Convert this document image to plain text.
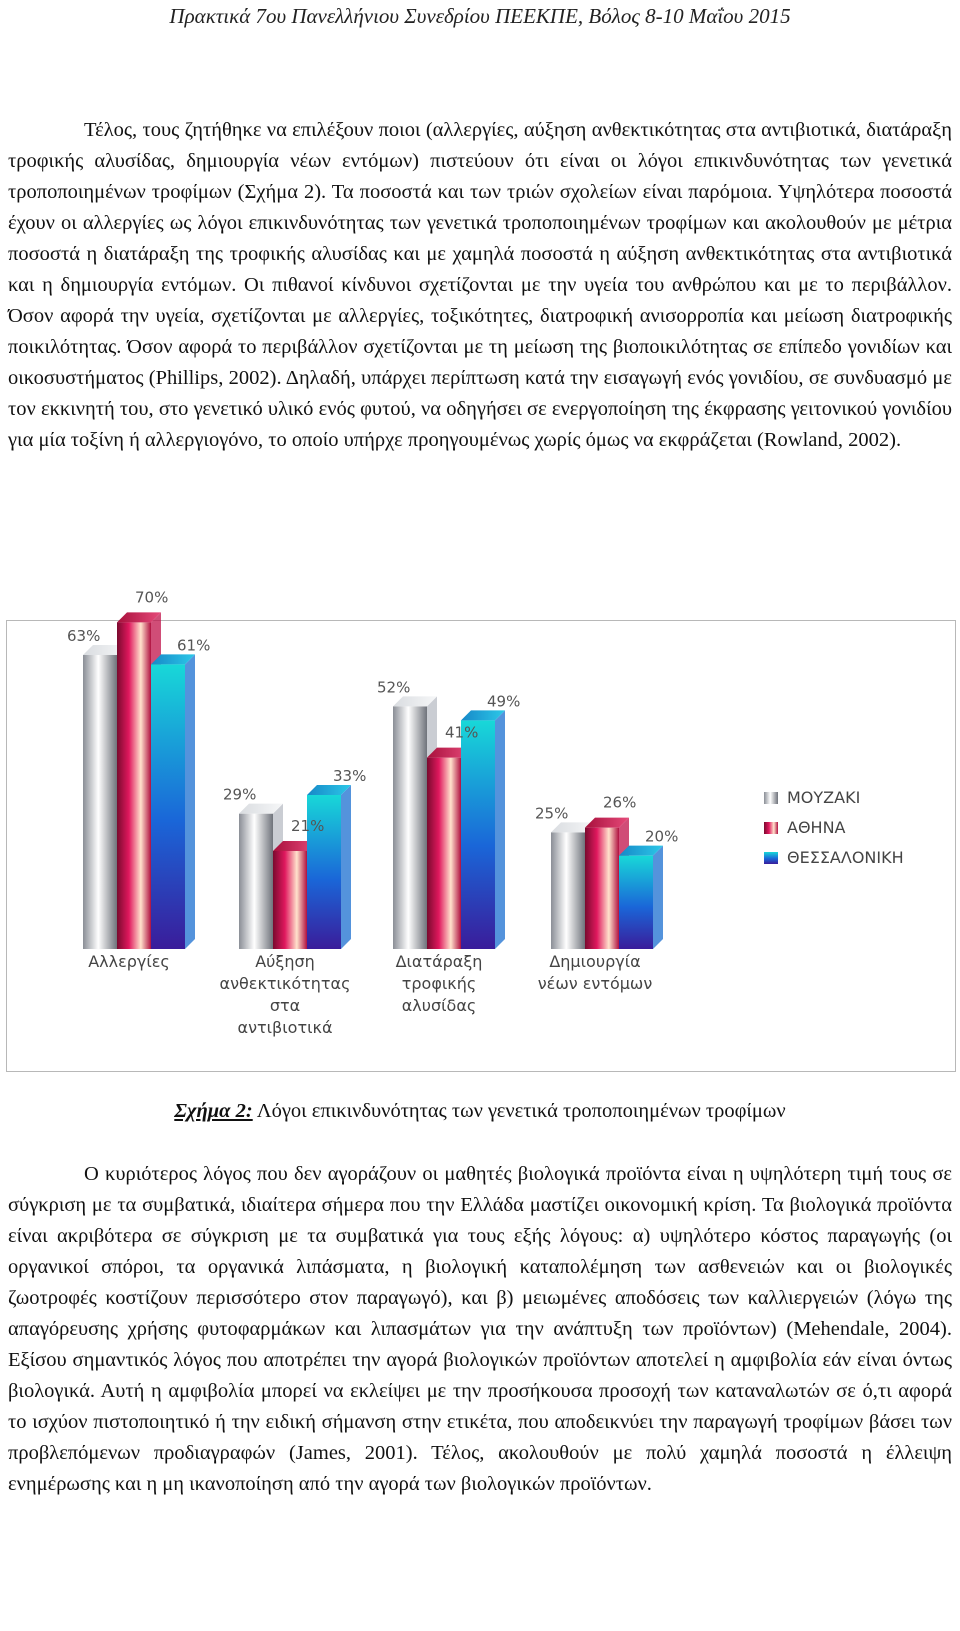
Πρακτικά 7ου Πανελλήνιου Συνεδρίου ΠΕΕΚΠΕ, Βόλος 8-10 Μαΐου 2015

Τέλος, τους ζητήθηκε να επιλέξουν ποιοι (αλλεργίες, αύξηση ανθεκτικότητας στα αντιβιοτικά, διατάραξη τροφικής αλυσίδας, δημιουργία νέων εντόμων) πιστεύουν ότι είναι οι λόγοι επικινδυνότητας των γενετικά τροποποιημένων τροφίμων (Σχήμα 2). Τα ποσοστά και των τριών σχολείων είναι παρόμοια. Υψηλότερα ποσοστά έχουν οι αλλεργίες ως λόγοι επικινδυνότητας των γενετικά τροποποιημένων τροφίμων και ακολουθούν με μέτρια ποσοστά η διατάραξη της τροφικής αλυσίδας και με χαμηλά ποσοστά η αύξηση ανθεκτικότητας στα αντιβιοτικά και η δημιουργία εντόμων. Οι πιθανοί κίνδυνοι σχετίζονται με την υγεία του ανθρώπου και με το περιβάλλον. Όσον αφορά την υγεία, σχετίζονται με αλλεργίες, τοξικότητες, διατροφική ανισορροπία και μείωση διατροφικής ποικιλότητας. Όσον αφορά το περιβάλλον σχετίζονται με τη μείωση της βιοποικιλότητας σε επίπεδο γονιδίων και οικοσυστήματος (Phillips, 2002). Δηλαδή, υπάρχει περίπτωση κατά την εισαγωγή ενός γονιδίου, σε συνδυασμό με τον εκκινητή του, στο γενετικό υλικό ενός φυτού, να οδηγήσει σε ενεργοποίηση της έκφρασης γειτονικού γονιδίου για μία τοξίνη ή αλλεργιογόνο, το οποίο υπήρχε προηγουμένως χωρίς όμως να εκφράζεται (Rowland, 2002).

63%
70%
61%
29%
21%
33%
52%
41%
49%
25%
26%
20%
Αλλεργίες	Αύξηση
ανθεκτικότητας
στα
αντιβιοτικά
Διατάραξη
τροφικής
αλυσίδας
Δημιουργία
νέων εντόμων
ΜΟΥΖΑΚΙ
ΑΘΗΝΑ
ΘΕΣΣΑΛΟΝΙΚΗ
Σχήμα 2: Λόγοι επικινδυνότητας των γενετικά τροποποιημένων τροφίμων

Ο κυριότερος λόγος που δεν αγοράζουν οι μαθητές βιολογικά προϊόντα είναι η υψηλότερη τιμή τους σε σύγκριση με τα συμβατικά, ιδιαίτερα σήμερα που την Ελλάδα μαστίζει οικονομική κρίση. Τα βιολογικά προϊόντα είναι ακριβότερα σε σύγκριση με τα συμβατικά για τους εξής λόγους: α) υψηλότερο κόστος παραγωγής (οι οργανικοί σπόροι, τα οργανικά λιπάσματα, η βιολογική καταπολέμηση των ασθενειών και οι βιολογικές ζωοτροφές κοστίζουν περισσότερο στον παραγωγό), και β) μειωμένες αποδόσεις των καλλιεργειών (λόγω της απαγόρευσης χρήσης φυτοφαρμάκων και λιπασμάτων για την ανάπτυξη των προϊόντων) (Mehendale, 2004). Εξίσου σημαντικός λόγος που αποτρέπει την αγορά βιολογικών προϊόντων αποτελεί η αμφιβολία εάν είναι όντως βιολογικά. Αυτή η αμφιβολία μπορεί να εκλείψει με την προσήκουσα προσοχή των καταναλωτών σε ό,τι αφορά το ισχύον πιστοποιητικό ή την ειδική σήμανση στην ετικέτα, που αποδεικνύει την παραγωγή τροφίμων βάσει των προβλεπόμενων προδιαγραφών (James, 2001). Τέλος, ακολουθούν με πολύ χαμηλά ποσοστά η έλλειψη ενημέρωσης και η μη ικανοποίηση από την αγορά των βιολογικών προϊόντων.
